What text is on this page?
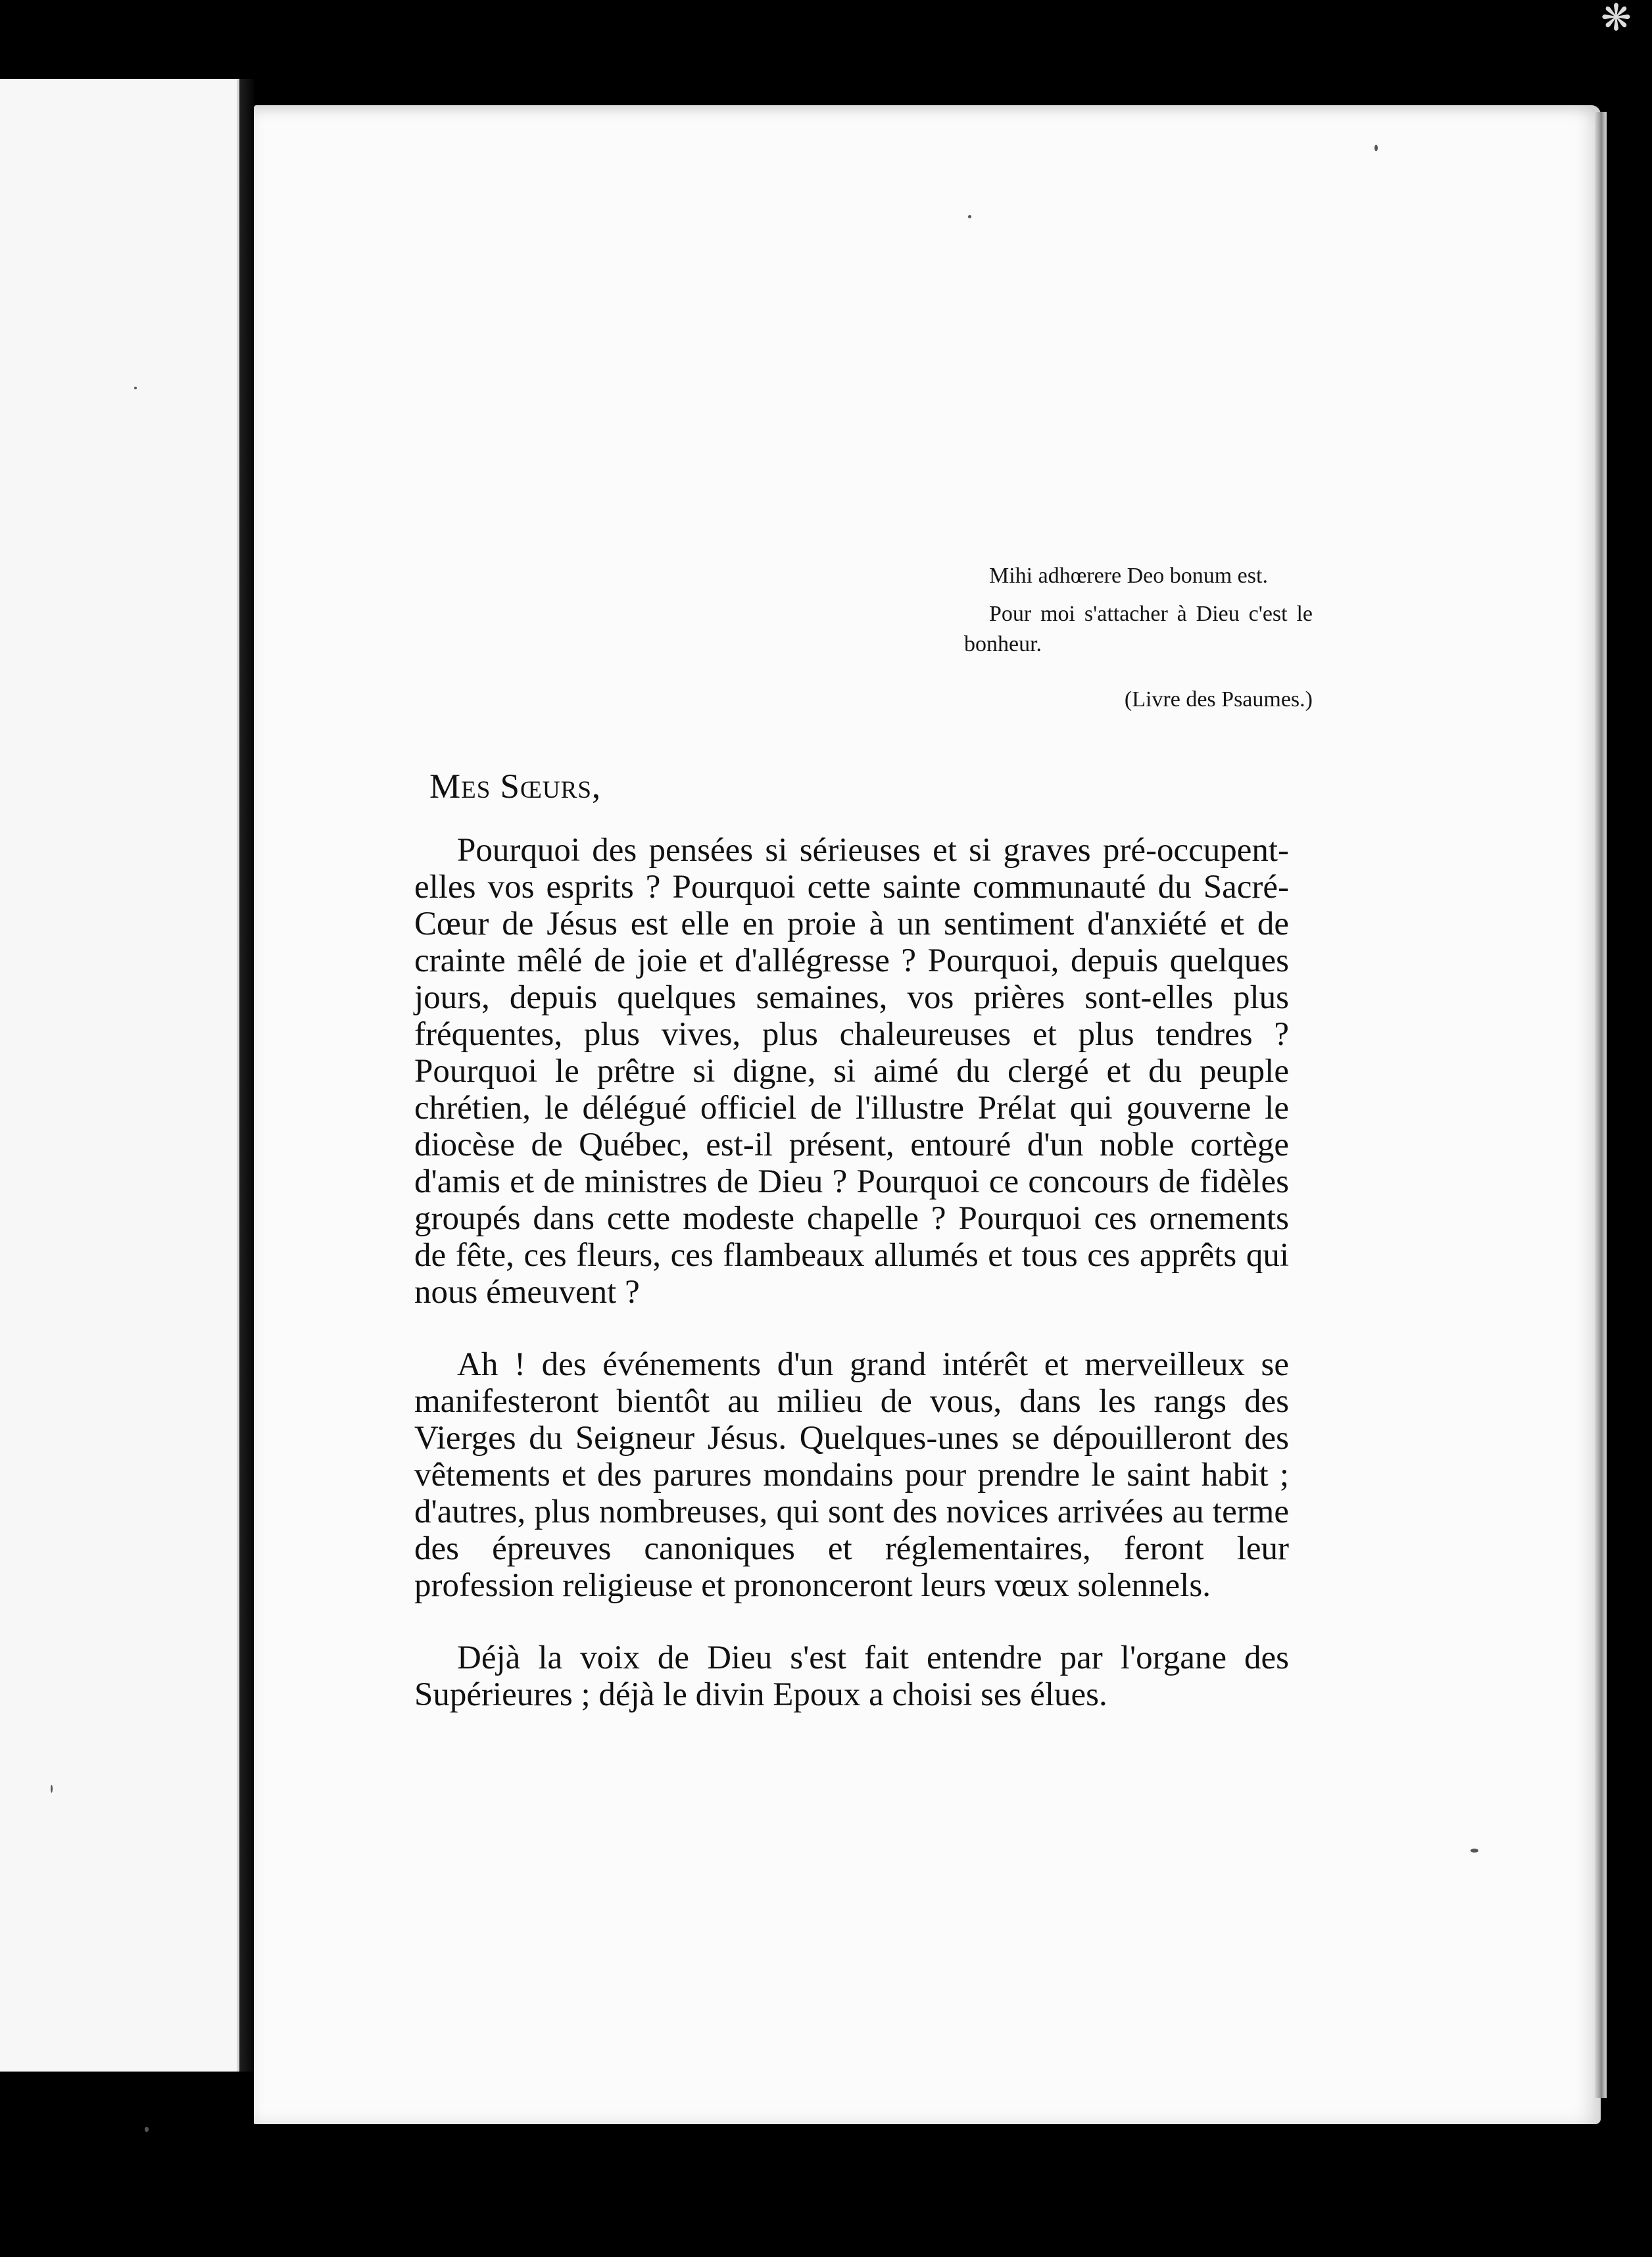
❋

Mihi adhœrere Deo bonum est.

Pour moi s'attacher à Dieu c'est le bonheur.

(Livre des Psaumes.)

Mes Sœurs,

Pourquoi des pensées si sérieuses et si graves pré-occupent-elles vos esprits ? Pourquoi cette sainte communauté du Sacré-Cœur de Jésus est elle en proie à un sentiment d'anxiété et de crainte mêlé de joie et d'allégresse ? Pourquoi, depuis quelques jours, depuis quelques semaines, vos prières sont-elles plus fréquentes, plus vives, plus chaleureuses et plus tendres ? Pourquoi le prêtre si digne, si aimé du clergé et du peuple chrétien, le délégué officiel de l'illustre Prélat qui gouverne le diocèse de Québec, est-il présent, entouré d'un noble cortège d'amis et de ministres de Dieu ? Pourquoi ce concours de fidèles groupés dans cette modeste chapelle ? Pourquoi ces ornements de fête, ces fleurs, ces flambeaux allumés et tous ces apprêts qui nous émeuvent ?

Ah ! des événements d'un grand intérêt et merveilleux se manifesteront bientôt au milieu de vous, dans les rangs des Vierges du Seigneur Jésus. Quelques-unes se dépouilleront des vêtements et des parures mondains pour prendre le saint habit ; d'autres, plus nombreuses, qui sont des novices arrivées au terme des épreuves canoniques et réglementaires, feront leur profession religieuse et prononceront leurs vœux solennels.

Déjà la voix de Dieu s'est fait entendre par l'organe des Supérieures ; déjà le divin Epoux a choisi ses élues.
